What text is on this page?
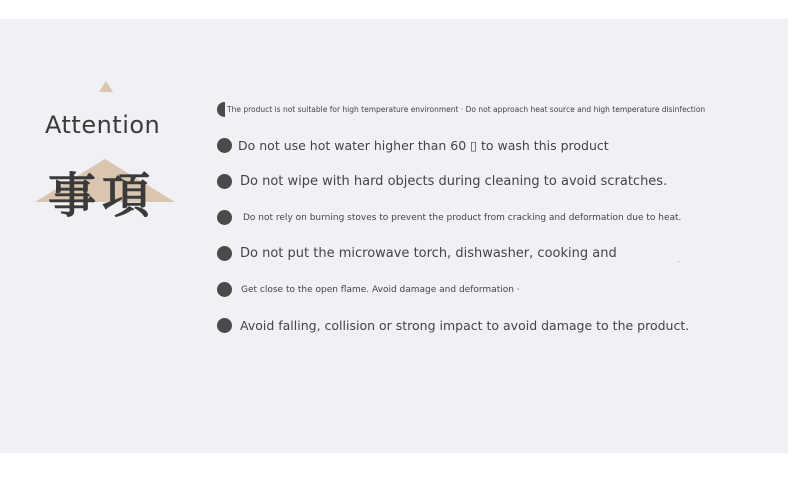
Attention
事項
The product is not suitable for high temperature environment · Do not approach heat source and high temperature disinfection
Do not use hot water higher than 60 ▯ to wash this product
Do not wipe with hard objects during cleaning to avoid scratches.
Do not rely on burning stoves to prevent the product from cracking and deformation due to heat.
Do not put the microwave torch, dishwasher, cooking and
Get close to the open flame. Avoid damage and deformation ·
Avoid falling, collision or strong impact to avoid damage to the product.
